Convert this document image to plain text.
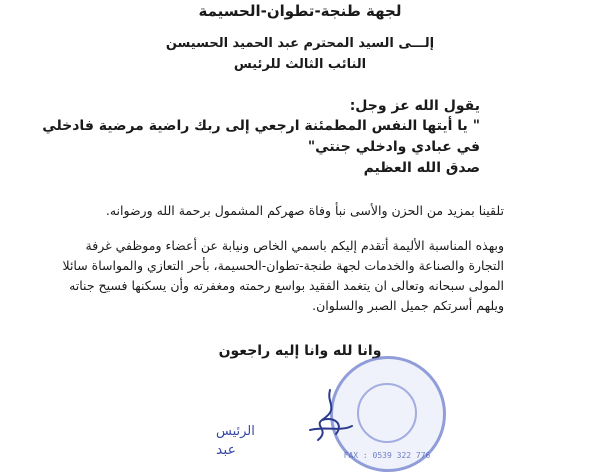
لجهة طنجة-تطوان-الحسيمة
إلـــى السيد المحترم عبد الحميد الحسيسن
النائب الثالث للرئيس
يقول الله عز وجل:
" يا أيتها النفس المطمئنة ارجعي إلى ربك راضية مرضية فادخلي
في عبادي وادخلي جنتي"
صدق الله العظيم
تلقينا بمزيد من الحزن والأسى نبأ وفاة صهركم المشمول برحمة الله ورضوانه.
وبهذه المناسبة الأليمة أتقدم إليكم باسمي الخاص ونيابة عن أعضاء وموظفي غرفة
التجارة والصناعة والخدمات لجهة طنجة-تطوان-الحسيمة، بأحر التعازي والمواساة سائلا
المولى سبحانه وتعالى ان يتغمد الفقيد بواسع رحمته ومغفرته وأن يسكنها فسيح جناته
ويلهم أسرتكم جميل الصبر والسلوان.
وانا لله وانا إليه راجعون
FAX : 0539 322 776
الرئيس
عبد
